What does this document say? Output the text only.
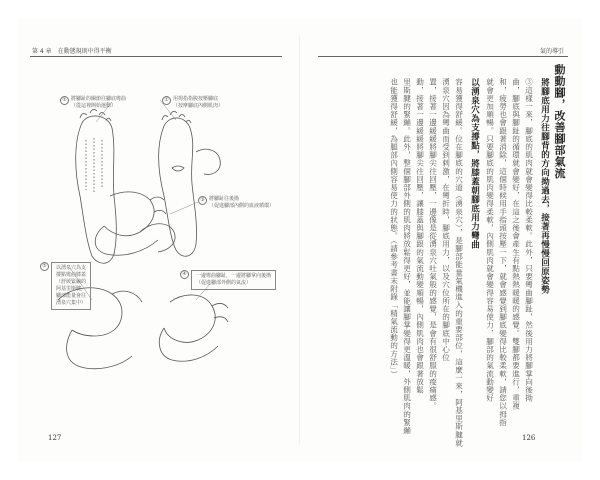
第 4 章　在動態規則中得平衡	氣的導引
② 將腳趾的關節往腳底彎曲
（從這裡開始運動）
① 用拇指指腹按壓腳底
（按摩腳底內側肌肉）
③ 將腳趾往後拗
（促進腳部內側的血液循環）
⑤ 以湧泉穴為支
撐點彎曲膝蓋
（舒緩緊繃的
阿基里斯腱，
腳部能量會往
湧泉穴集中）
④ 一邊彎曲腳趾，一邊將腳掌向後拗
（促進腳部外側的氣流）
動動腳，改善腳部氣流
將腳底用力往腳背的方向拗過去，接著再慢慢回原姿勢
③這樣一來，腳底的肌肉就會變得比較柔軟。此外，只要彎曲腳趾，然後用力將腳掌向後拗
曲，腳底與腳趾的循環就會變好，在這之後會產生有點熱熱暖暖的感覺。雙腳都要進行，重複
和，疲勞也會跟著消除，這個時候用手指頭按壓一下，就會感覺到腳底變得比較柔軟，請您以拇指
就會更加順暢。只要腳底的肌肉變得柔軟，內側肌肉就會變得容易使力，腳部的氣流動變好
以湧泉穴為支撐點，將膝蓋朝腳底用力彎曲
容易獲得舒緩。位在腳底的穴道（湧泉穴），是腳部能量氣機進入的重要部位，這麼一來，阿基里斯腱就
湧泉穴因為彎曲而受到刺激，在彎折時，腳底用力，以及穴位所在的腳底中心位
置，接著一邊緩緩將腳尖往回壓，一邊像是從湧泉穴吐氣般的感覺，是會有很舒服的痠痛感。
動，接著一邊緩緩將腳尖往回壓，讓膝蓋與腳跟的氣流動變順暢，內側肌肉也會跟著放鬆
里斯腱的緊繃。此外，整個腳部外側的肌肉將放鬆得更好，並能讓腳掌變得更溫暖，外側肌肉的緊繃
也能獲得舒緩，為腿部內側容易使力的狀態。（請參考書末附錄「精氣流動的方法」）
127	126
